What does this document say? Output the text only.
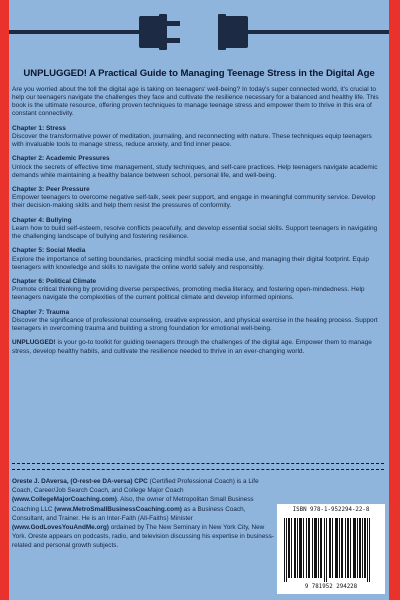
UNPLUGGED! A Practical Guide to Managing Teenage Stress in the Digital Age

Are you worried about the toll the digital age is taking on teenagers' well-being? In today's super connected world, it's crucial to help our teenagers navigate the challenges they face and cultivate the resilience necessary for a balanced and healthy life. This book is the ultimate resource, offering proven techniques to manage teenage stress and empower them to thrive in this era of constant connectivity.

Chapter 1: Stress
Discover the transformative power of meditation, journaling, and reconnecting with nature. These techniques equip teenagers with invaluable tools to manage stress, reduce anxiety, and find inner peace.

Chapter 2: Academic Pressures
Unlock the secrets of effective time management, study techniques, and self-care practices. Help teenagers navigate academic demands while maintaining a healthy balance between school, personal life, and well-being.

Chapter 3: Peer Pressure
Empower teenagers to overcome negative self-talk, seek peer support, and engage in meaningful community service. Develop their decision-making skills and help them resist the pressures of conformity.

Chapter 4: Bullying
Learn how to build self-esteem, resolve conflicts peacefully, and develop essential social skills. Support teenagers in navigating the challenging landscape of bullying and fostering resilience.

Chapter 5: Social Media
Explore the importance of setting boundaries, practicing mindful social media use, and managing their digital footprint. Equip teenagers with knowledge and skills to navigate the online world safely and responsibly.

Chapter 6: Political Climate
Promote critical thinking by providing diverse perspectives, promoting media literacy, and fostering open-mindedness. Help teenagers navigate the complexities of the current political climate and develop informed opinions.

Chapter 7: Trauma
Discover the significance of professional counseling, creative expression, and physical exercise in the healing process. Support teenagers in overcoming trauma and building a strong foundation for emotional well-being.

UNPLUGGED! is your go-to toolkit for guiding teenagers through the challenges of the digital age. Empower them to manage stress, develop healthy habits, and cultivate the resilience needed to thrive in an ever-changing world.

Oreste J. DAversa, (O-rest-ee DA-versa) CPC (Certified Professional Coach) is a Life Coach, Career/Job Search Coach, and College Major Coach (www.CollegeMajorCoaching.com). Also, the owner of Metropolitan Small Business Coaching LLC (www.MetroSmallBusinessCoaching.com) as a Business Coach, Consultant, and Trainer. He is an Inter-Faith (All-Faiths) Minister (www.GodLovesYouAndMe.org) ordained by The New Seminary in New York City, New York. Oreste appears on podcasts, radio, and television discussing his expertise in business-related and personal growth subjects.
ISBN 978-1-952294-22-8
9 781952 294228
